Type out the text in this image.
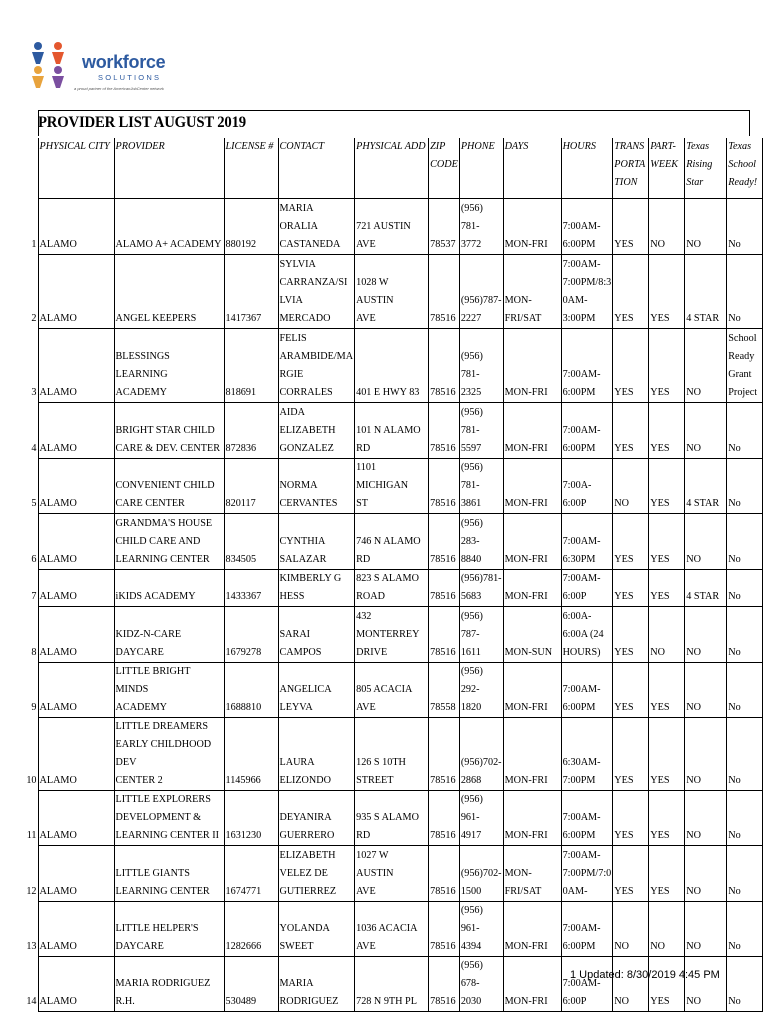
workforce
SOLUTIONS
a proud partner of the AmericanJobCenter network
PROVIDER LIST AUGUST 2019
	PHYSICAL CITY	PROVIDER	LICENSE #	CONTACT	PHYSICAL ADD	ZIP
CODE	PHONE	DAYS	HOURS	TRANS
PORTA
TION	PART-
WEEK	Texas
Rising
Star	Texas
School
Ready!
1	ALAMO	ALAMO A+ ACADEMY	880192	MARIA
ORALIA
CASTANEDA	721 AUSTIN AVE	78537	(956) 781-
3772	MON-FRI	7:00AM-
6:00PM	YES	NO	NO	No
2	ALAMO	ANGEL KEEPERS	1417367	SYLVIA
CARRANZA/SI
LVIA
MERCADO	1028 W AUSTIN
AVE	78516	(956)787-
2227	MON-FRI/SAT	7:00AM-
7:00PM/8:3
0AM-
3:00PM	YES	YES	4 STAR	No
3	ALAMO	BLESSINGS LEARNING
ACADEMY	818691	FELIS
ARAMBIDE/MA
RGIE
CORRALES	401 E HWY 83	78516	(956) 781-
2325	MON-FRI	7:00AM-
6:00PM	YES	YES	NO	School
Ready
Grant
Project
4	ALAMO	BRIGHT STAR CHILD
CARE & DEV. CENTER	872836	AIDA
ELIZABETH
GONZALEZ	101 N ALAMO RD	78516	(956) 781-
5597	MON-FRI	7:00AM-
6:00PM	YES	YES	NO	No
5	ALAMO	CONVENIENT CHILD
CARE CENTER	820117	NORMA
CERVANTES	1101 MICHIGAN
ST	78516	(956) 781-
3861	MON-FRI	7:00A-6:00P	NO	YES	4 STAR	No
6	ALAMO	GRANDMA'S HOUSE
CHILD CARE AND
LEARNING CENTER	834505	CYNTHIA
SALAZAR	746 N ALAMO RD	78516	(956) 283-
8840	MON-FRI	7:00AM-
6:30PM	YES	YES	NO	No
7	ALAMO	iKIDS ACADEMY	1433367	KIMBERLY G
HESS	823 S ALAMO
ROAD	78516	(956)781-
5683	MON-FRI	7:00AM-
6:00P	YES	YES	4 STAR	No
8	ALAMO	KIDZ-N-CARE DAYCARE	1679278	SARAI
CAMPOS	432 MONTERREY
DRIVE	78516	(956) 787-
1611	MON-SUN	6:00A-
6:00A (24
HOURS)	YES	NO	NO	No
9	ALAMO	LITTLE BRIGHT MINDS
ACADEMY	1688810	ANGELICA
LEYVA	805 ACACIA AVE	78558	(956) 292-
1820	MON-FRI	7:00AM-
6:00PM	YES	YES	NO	No
10	ALAMO	LITTLE DREAMERS
EARLY CHILDHOOD DEV
CENTER 2	1145966	LAURA
ELIZONDO	126 S 10TH
STREET	78516	(956)702-
2868	MON-FRI	6:30AM-
7:00PM	YES	YES	NO	No
11	ALAMO	LITTLE EXPLORERS
DEVELOPMENT &
LEARNING CENTER II	1631230	DEYANIRA
GUERRERO	935 S ALAMO RD	78516	(956) 961-
4917	MON-FRI	7:00AM-
6:00PM	YES	YES	NO	No
12	ALAMO	LITTLE GIANTS
LEARNING CENTER	1674771	ELIZABETH
VELEZ DE
GUTIERREZ	1027 W AUSTIN
AVE	78516	(956)702-
1500	MON-FRI/SAT	7:00AM-
7:00PM/7:0
0AM-	YES	YES	NO	No
13	ALAMO	LITTLE HELPER'S
DAYCARE	1282666	YOLANDA
SWEET	1036 ACACIA
AVE	78516	(956) 961-
4394	MON-FRI	7:00AM-
6:00PM	NO	NO	NO	No
14	ALAMO	MARIA RODRIGUEZ R.H.	530489	MARIA
RODRIGUEZ	728 N 9TH PL	78516	(956) 678-
2030	MON-FRI	7:00AM-
6:00P	NO	YES	NO	No
1 Updated: 8/30/2019 4:45 PM
